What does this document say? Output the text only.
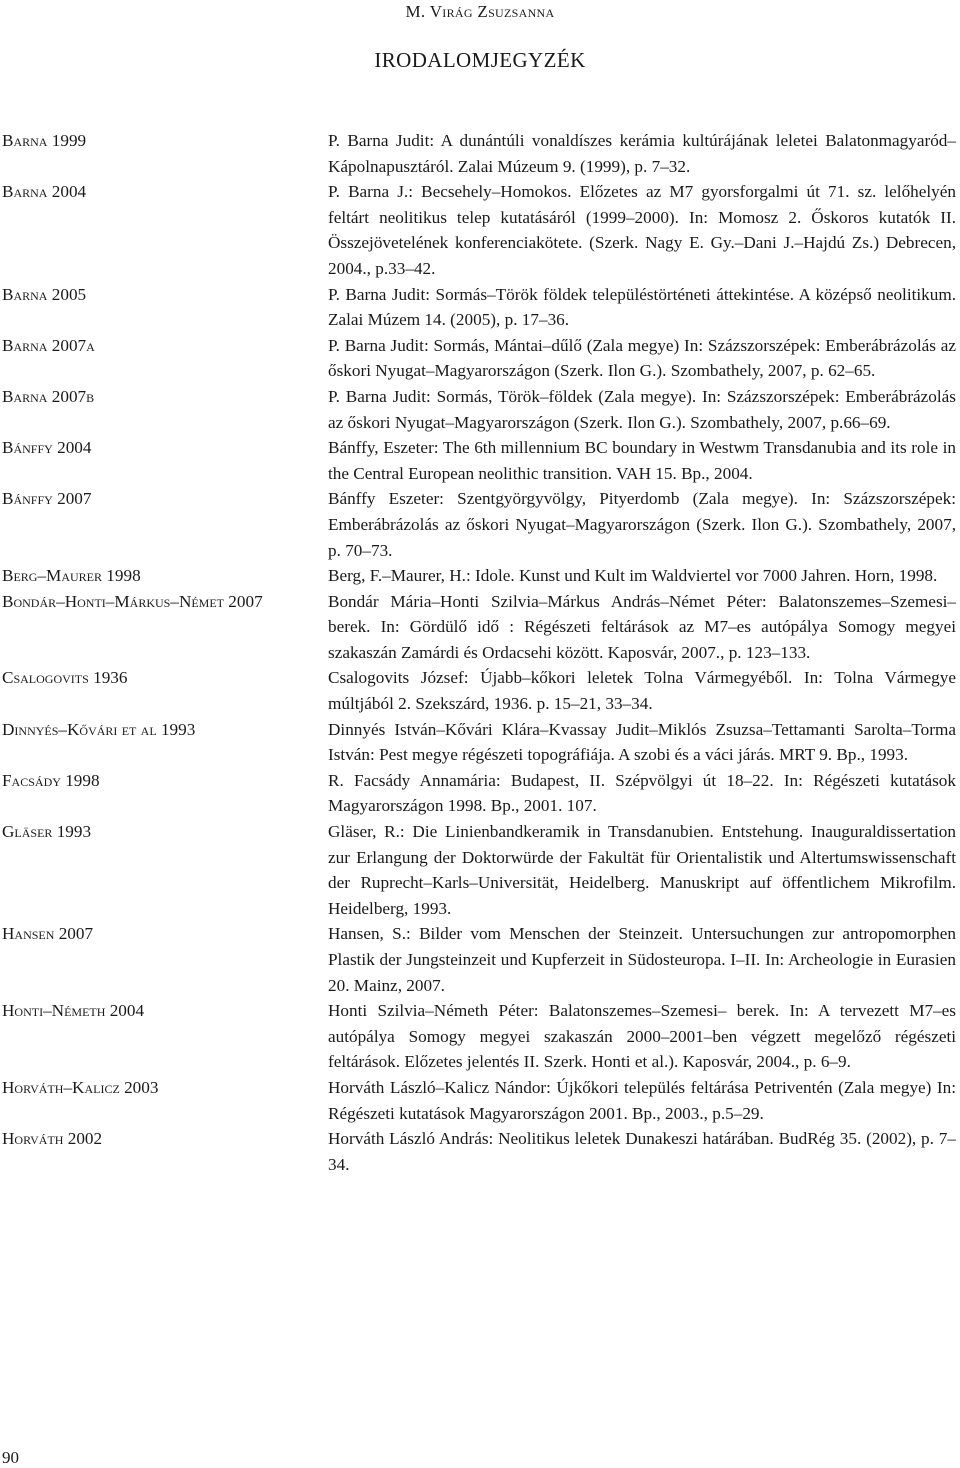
M. Virág Zsuzsanna
IRODALOMJEGYZÉK
Barna 1999	P. Barna Judit: A dunántúli vonaldíszes kerámia kultúrájának leletei Balatonmagyaród–Kápolnapusztáról. Zalai Múzeum 9. (1999), p. 7–32.
Barna 2004	P. Barna J.: Becsehely–Homokos. Előzetes az M7 gyorsforgalmi út 71. sz. lelőhelyén feltárt neolitikus telep kutatásáról (1999–2000). In: Momosz 2. Őskoros kutatók II. Összejövetelének konferenciakötete. (Szerk. Nagy E. Gy.–Dani J.–Hajdú Zs.) Debrecen, 2004., p.33–42.
Barna 2005	P. Barna Judit: Sormás–Török földek településtörténeti áttekintése. A középső neolitikum. Zalai Múzem 14. (2005), p. 17–36.
Barna 2007a	P. Barna Judit: Sormás, Mántai–dűlő (Zala megye) In: Százszorszépek: Emberábrázolás az őskori Nyugat–Magyarországon (Szerk. Ilon G.). Szombathely, 2007, p. 62–65.
Barna 2007b	P. Barna Judit: Sormás, Török–földek (Zala megye). In: Százszorszépek: Emberábrázolás az őskori Nyugat–Magyarországon (Szerk. Ilon G.). Szombathely, 2007, p.66–69.
Bánffy 2004	Bánffy, Eszeter: The 6th millennium BC boundary in Westwm Transdanubia and its role in the Central European neolithic transition. VAH 15. Bp., 2004.
Bánffy 2007	Bánffy Eszeter: Szentgyörgyvölgy, Pityerdomb (Zala megye). In: Százszorszépek: Emberábrázolás az őskori Nyugat–Magyarországon (Szerk. Ilon G.). Szombathely, 2007, p. 70–73.
Berg–Maurer 1998	Berg, F.–Maurer, H.: Idole. Kunst und Kult im Waldviertel vor 7000 Jahren. Horn, 1998.
Bondár–Honti–Márkus–Német 2007	Bondár Mária–Honti Szilvia–Márkus András–Német Péter: Balatonszemes–Szemesi–berek. In: Gördülő idő : Régészeti feltárások az M7–es autópálya Somogy megyei szakaszán Zamárdi és Ordacsehi között. Kaposvár, 2007., p. 123–133.
Csalogovits 1936	Csalogovits József: Újabb–kőkori leletek Tolna Vármegyéből. In: Tolna Vármegye múltjából 2. Szekszárd, 1936. p. 15–21, 33–34.
Dinnyés–Kővári et al 1993	Dinnyés István–Kővári Klára–Kvassay Judit–Miklós Zsuzsa–Tettamanti Sarolta–Torma István: Pest megye régészeti topográfiája. A szobi és a váci járás. MRT 9. Bp., 1993.
Facsády 1998	R. Facsády Annamária: Budapest, II. Szépvölgyi út 18–22. In: Régészeti kutatások Magyarországon 1998. Bp., 2001. 107.
Gläser 1993	Gläser, R.: Die Linienbandkeramik in Transdanubien. Entstehung. Inauguraldissertation zur Erlangung der Doktorwürde der Fakultät für Orientalistik und Altertumswissenschaft der Ruprecht–Karls–Universität, Heidelberg. Manuskript auf öffentlichem Mikrofilm. Heidelberg, 1993.
Hansen 2007	Hansen, S.: Bilder vom Menschen der Steinzeit. Untersuchungen zur antropomorphen Plastik der Jungsteinzeit und Kupferzeit in Südosteuropa. I–II. In: Archeologie in Eurasien 20. Mainz, 2007.
Honti–Németh 2004	Honti Szilvia–Németh Péter: Balatonszemes–Szemesi– berek. In: A tervezett M7–es autópálya Somogy megyei szakaszán 2000–2001–ben végzett megelőző régészeti feltárások. Előzetes jelentés II. Szerk. Honti et al.). Kaposvár, 2004., p. 6–9.
Horváth–Kalicz 2003	Horváth László–Kalicz Nándor: Újkőkori település feltárása Petriventén (Zala megye) In: Régészeti kutatások Magyarországon 2001. Bp., 2003., p.5–29.
Horváth 2002	Horváth László András: Neolitikus leletek Dunakeszi határában. BudRég 35. (2002), p. 7–34.
90
